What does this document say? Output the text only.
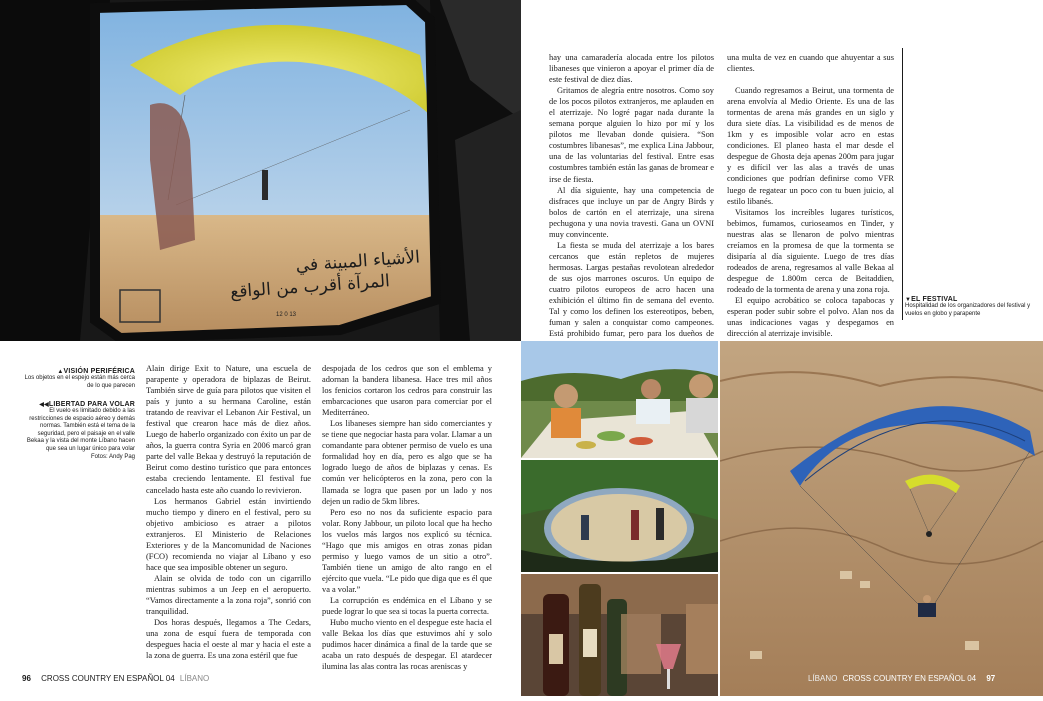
الأشياء المبينة في
المرآة أقرب من الواقع
12 0 13
▲VISIÓN PERIFÉRICA
Los objetos en el espejo están más cerca de lo que parecen
◀◀LIBERTAD PARA VOLAR
El vuelo es limitado debido a las restricciones de espacio aéreo y demás normas. También está el tema de la seguridad, pero el paisaje en el valle Bekaa y la vista del monte Líbano hacen que sea un lugar único para volar
Fotos: Andy Pag

Alain dirige Exit to Nature, una escuela de parapente y operadora de biplazas de Beirut. También sirve de guía para pilotos que visiten el país y junto a su hermana Caroline, están tratando de reavivar el Lebanon Air Festival, un festival que crearon hace más de diez años. Luego de haberlo organizado con éxito un par de años, la guerra contra Syria en 2006 marcó gran parte del valle Bekaa y destruyó la reputación de Beirut como destino turístico que para entonces estaba creciendo lentamente. El festival fue cancelado hasta este año cuando lo revivieron.

Los hermanos Gabriel están invirtiendo mucho tiempo y dinero en el festival, pero su objetivo ambicioso es atraer a pilotos extranjeros. El Ministerio de Relaciones Exteriores y de la Mancomunidad de Naciones (FCO) recomienda no viajar al Líbano y eso hace que sea imposible obtener un seguro.

Alain se olvida de todo con un cigarrillo mientras subimos a un Jeep en el aeropuerto. “Vamos directamente a la zona roja”, sonrió con tranquilidad.

Dos horas después, llegamos a The Cedars, una zona de esquí fuera de temporada con despegues hacia el oeste al mar y hacia el este a la zona de guerra. Es una zona estéril que fue

despojada de los cedros que son el emblema y adornan la bandera libanesa. Hace tres mil años los fenicios cortaron los cedros para construir las embarcaciones que usaron para comerciar por el Mediterráneo.

Los libaneses siempre han sido comerciantes y se tiene que negociar hasta para volar. Llamar a un comandante para obtener permiso de vuelo es una formalidad hoy en día, pero es algo que se ha logrado luego de años de biplazas y cenas. Es común ver helicópteros en la zona, pero con la llamada se logra que pasen por un lado y nos dejen un radio de 5km libres.

Pero eso no nos da suficiente espacio para volar. Rony Jabbour, un piloto local que ha hecho los vuelos más largos nos explicó su técnica. “Hago que mis amigos en otras zonas pidan permiso y luego vamos de un sitio a otro”. También tiene un amigo de alto rango en el ejército que vuela. “Le pido que diga que es él que va a volar.”

La corrupción es endémica en el Líbano y se puede lograr lo que sea si tocas la puerta correcta.

Hubo mucho viento en el despegue este hacia el valle Bekaa los días que estuvimos ahí y solo pudimos hacer dinámica a final de la tarde que se acaba un rato después de despegar. El atardecer ilumina las alas contra las rocas areniscas y

96 CROSS COUNTRY EN ESPAÑOL 04 LÍBANO

hay una camaradería alocada entre los pilotos libaneses que vinieron a apoyar el primer día de este festival de diez días.

Gritamos de alegría entre nosotros. Como soy de los pocos pilotos extranjeros, me aplauden en el aterrizaje. No logré pagar nada durante la semana porque alguien lo hizo por mí y los pilotos me llevaban donde quisiera. “Son costumbres libanesas”, me explica Lina Jabbour, una de las voluntarias del festival. Entre esas costumbres también están las ganas de bromear e irse de fiesta.

Al día siguiente, hay una competencia de disfraces que incluye un par de Angry Birds y bolos de cartón en el aterrizaje, una sirena pechugona y una novia travesti. Gana un OVNI muy convincente.

La fiesta se muda del aterrizaje a los bares cercanos que están repletos de mujeres hermosas. Largas pestañas revolotean alrededor de sus ojos marrones oscuros. Un equipo de cuatro pilotos europeos de acro hacen una exhibición el último fin de semana del evento. Tal y como los definen los estereotipos, beben, fuman y salen a conquistar como campeones. Está prohibido fumar, pero para los dueños de

una multa de vez en cuando que ahuyentar a sus clientes.

Cuando regresamos a Beirut, una tormenta de arena envolvía al Medio Oriente. Es una de las tormentas de arena más grandes en un siglo y dura siete días. La visibilidad es de menos de 1km y es imposible volar acro en estas condiciones. El planeo hasta el mar desde el despegue de Ghosta deja apenas 200m para jugar y es difícil ver las alas a través de unas condiciones que podrían definirse como VFR luego de regatear un poco con tu buen juicio, al estilo libanés.

Visitamos los increíbles lugares turísticos, bebimos, fumamos, curioseamos en Tinder, y nuestras alas se llenaron de polvo mientras creíamos en la promesa de que la tormenta se disiparía al día siguiente. Luego de tres días rodeados de arena, regresamos al valle Bekaa al despegue de 1.800m cerca de Beitaddien, rodeado de la tormenta de arena y una zona roja.

El equipo acrobático se coloca tapabocas y esperan poder subir sobre el polvo. Alan nos da unas indicaciones vagas y despegamos en dirección al aterrizaje invisible.

▼EL FESTIVAL
Hospitalidad de los organizadores del festival y vuelos en globo y parapente
LÍBANO CROSS COUNTRY EN ESPAÑOL 04 97
